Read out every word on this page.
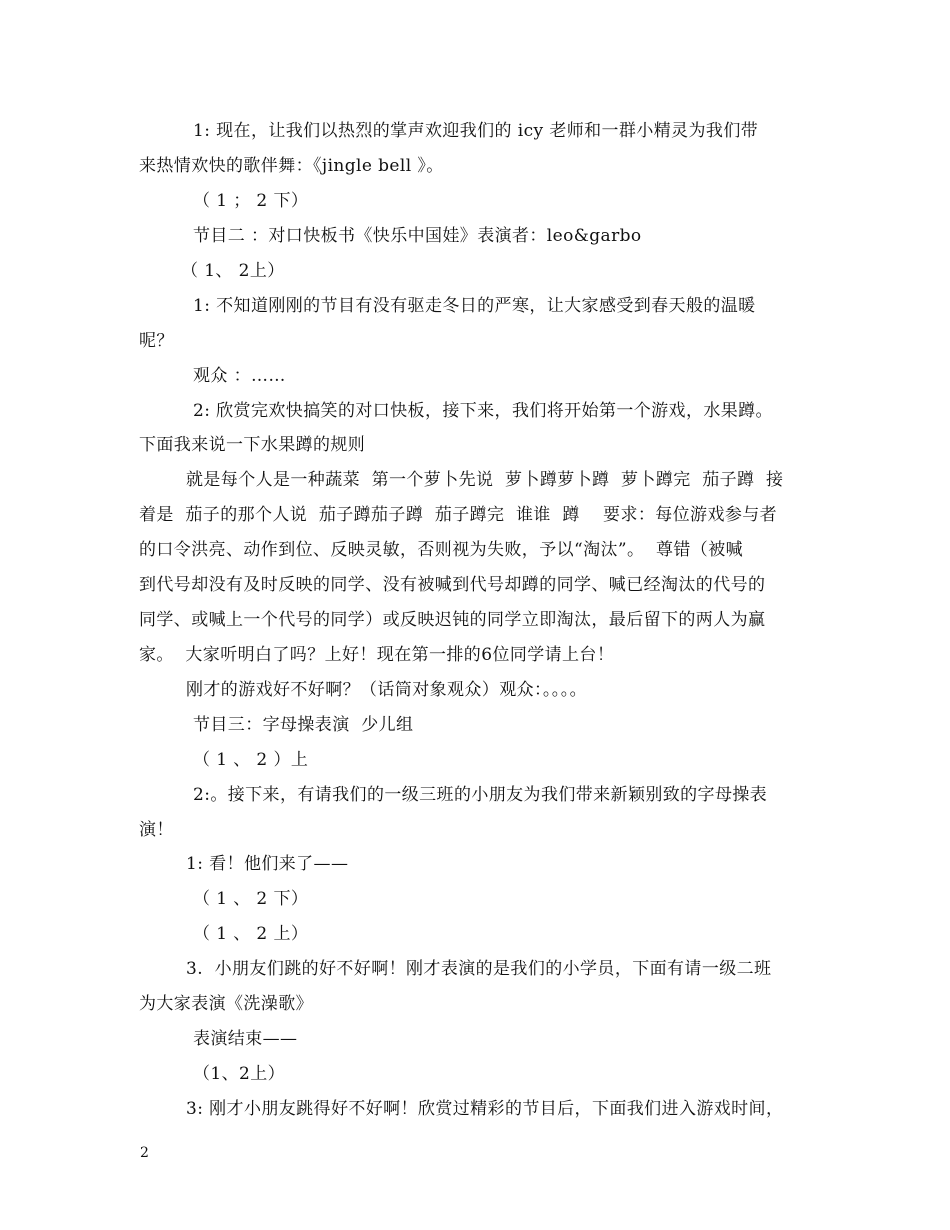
1: 现在，让我们以热烈的掌声欢迎我们的 icy 老师和一群小精灵为我们带
来热情欢快的歌伴舞：《jingle bell 》。
（ 1 ； 2 下）
节目二 ：对口快板书《快乐中国娃》表演者：leo&garbo
（ 1、 2上）
1: 不知道刚刚的节目有没有驱走冬日的严寒，让大家感受到春天般的温暖
呢？
观众 ：……
2: 欣赏完欢快搞笑的对口快板，接下来，我们将开始第一个游戏，水果蹲。
下面我来说一下水果蹲的规则
就是每个人是一种蔬菜  第一个萝卜先说  萝卜蹲萝卜蹲  萝卜蹲完  茄子蹲  接
着是  茄子的那个人说  茄子蹲茄子蹲  茄子蹲完  谁谁  蹲    要求：每位游戏参与者
的口令洪亮、动作到位、反映灵敏，否则视为失败，予以“淘汰”。  尊错（被喊
到代号却没有及时反映的同学、没有被喊到代号却蹲的同学、喊已经淘汰的代号的
同学、或喊上一个代号的同学）或反映迟钝的同学立即淘汰，最后留下的两人为赢
家。  大家听明白了吗？上好！现在第一排的6位同学请上台！
刚才的游戏好不好啊？（话筒对象观众）观众：。。。。
节目三：字母操表演  少儿组
（ 1 、 2 ）上
2:。接下来，有请我们的一级三班的小朋友为我们带来新颖别致的字母操表
演！
1: 看！他们来了——
（ 1 、 2 下）
（ 1 、 2 上）
3.  小朋友们跳的好不好啊！刚才表演的是我们的小学员，下面有请一级二班
为大家表演《洗澡歌》
表演结束——
（1、2上）
3: 刚才小朋友跳得好不好啊！欣赏过精彩的节目后，下面我们进入游戏时间，
2
